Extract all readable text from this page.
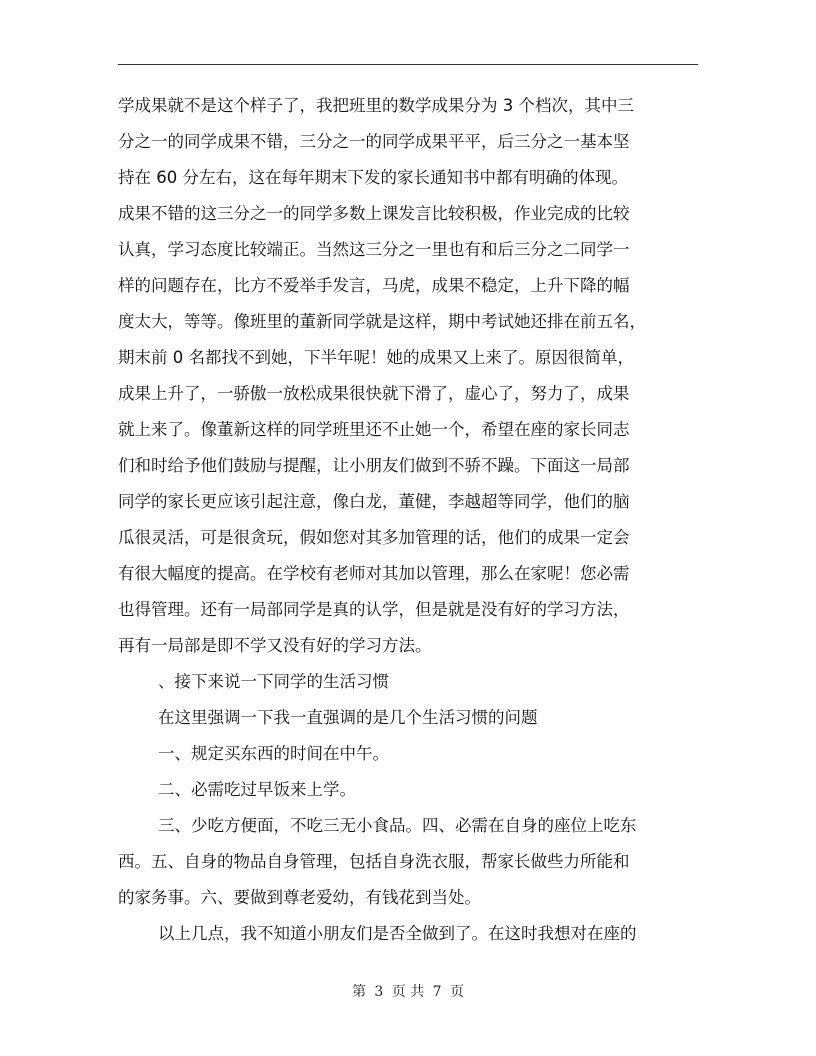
学成果就不是这个样子了，我把班里的数学成果分为 3 个档次，其中三
分之一的同学成果不错，三分之一的同学成果平平，后三分之一基本坚
持在 60 分左右，这在每年期末下发的家长通知书中都有明确的体现。
成果不错的这三分之一的同学多数上课发言比较积极，作业完成的比较
认真，学习态度比较端正。当然这三分之一里也有和后三分之二同学一
样的问题存在，比方不爱举手发言，马虎，成果不稳定，上升下降的幅
度太大，等等。像班里的董新同学就是这样，期中考试她还排在前五名，
期末前 0 名都找不到她，下半年呢！她的成果又上来了。原因很简单，
成果上升了，一骄傲一放松成果很快就下滑了，虚心了，努力了，成果
就上来了。像董新这样的同学班里还不止她一个，希望在座的家长同志
们和时给予他们鼓励与提醒，让小朋友们做到不骄不躁。下面这一局部
同学的家长更应该引起注意，像白龙，董健，李越超等同学，他们的脑
瓜很灵活，可是很贪玩，假如您对其多加管理的话，他们的成果一定会
有很大幅度的提高。在学校有老师对其加以管理，那么在家呢！您必需
也得管理。还有一局部同学是真的认学，但是就是没有好的学习方法，
再有一局部是即不学又没有好的学习方法。
、接下来说一下同学的生活习惯
在这里强调一下我一直强调的是几个生活习惯的问题
一、规定买东西的时间在中午。
二、必需吃过早饭来上学。
三、少吃方便面，不吃三无小食品。四、必需在自身的座位上吃东
西。五、自身的物品自身管理，包括自身洗衣服，帮家长做些力所能和
的家务事。六、要做到尊老爱幼，有钱花到当处。
以上几点，我不知道小朋友们是否全做到了。在这时我想对在座的
第 3 页 共 7 页
